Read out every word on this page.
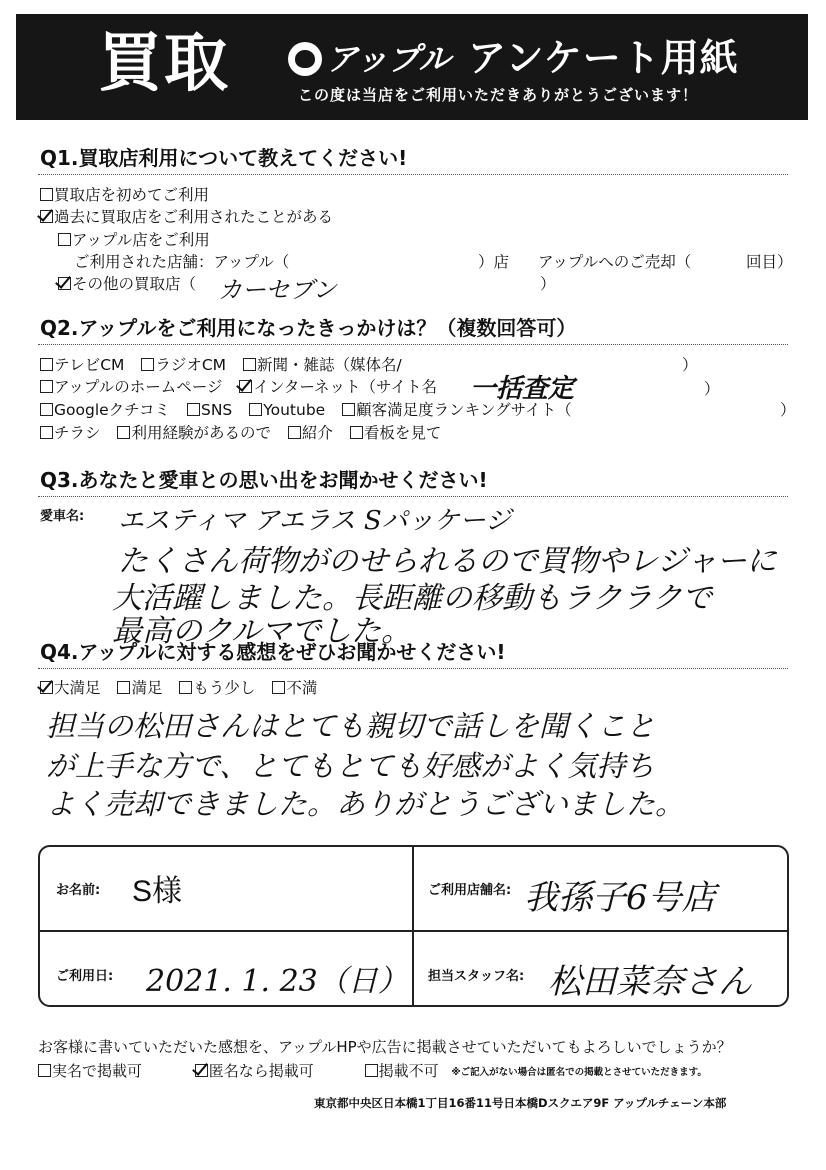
買取	アップル アンケート用紙
この度は当店をご利用いただきありがとうございます！
Q1.買取店利用について教えてください!
買取店を初めてご利用
過去に買取店をご利用されたことがある
アップル店をご利用
ご利用された店舗：アップル（	）店 アップルへのご売却（	回目）
その他の買取店（ カーセブン	）
Q2.アップルをご利用になったきっかけは？（複数回答可）
テレビCM ラジオCM 新聞・雑誌（媒体名/	）
アップルのホームページ インターネット（サイト名	一括査定	）
Googleクチコミ SNS Youtube 顧客満足度ランキングサイト（	）
チラシ 利用経験があるので 紹介 看板を見て
Q3.あなたと愛車との思い出をお聞かせください!
愛車名: エスティマ アエラス Sパッケージ
たくさん荷物がのせられるので買物やレジャーに
大活躍しました。長距離の移動もラクラクで
最高のクルマでした。
Q4.アップルに対する感想をぜひお聞かせください!
大満足 満足 もう少し 不満
担当の松田さんはとても親切で話しを聞くこと
が上手な方で、とてもとても好感がよく気持ち
よく売却できました。ありがとうございました。
お名前: S様	ご利用店舗名: 我孫子6号店
ご利用日: 2021. 1. 23（日） 担当スタッフ名: 松田菜奈さん
お客様に書いていただいた感想を、アップルHPや広告に掲載させていただいてもよろしいでしょうか？
実名で掲載可	匿名なら掲載可	掲載不可 ※ご記入がない場合は匿名での掲載とさせていただきます。
東京都中央区日本橋1丁目16番11号日本橋Dスクエア9F アップルチェーン本部
